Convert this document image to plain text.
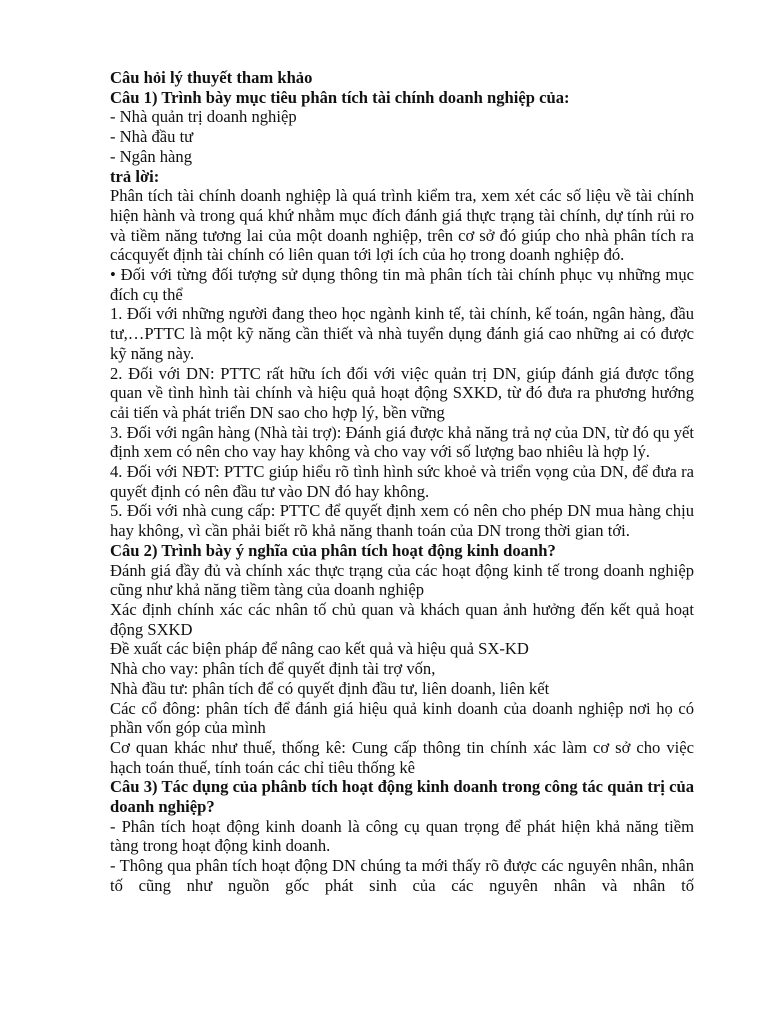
Câu hỏi lý thuyết tham khảo

Câu 1) Trình bày mục tiêu phân tích tài chính doanh nghiệp của:

- Nhà quản trị doanh nghiệp

- Nhà đầu tư

- Ngân hàng

trả lời:

Phân tích tài chính doanh nghiệp là quá trình kiểm tra, xem xét các số liệu về tài chính hiện hành và trong quá khứ nhằm mục đích đánh giá thực trạng tài chính, dự tính rủi ro và tiềm năng tương lai của một doanh nghiệp, trên cơ sở đó giúp cho nhà phân tích ra cácquyết định tài chính có liên quan tới lợi ích của họ trong doanh nghiệp đó.

• Đối với từng đối tượng sử dụng thông tin mà phân tích tài chính phục vụ những mục đích cụ thể

1. Đối với những người đang theo học ngành kinh tế, tài chính, kế toán, ngân hàng, đầu tư,…PTTC là một kỹ năng cần thiết và nhà tuyển dụng đánh giá cao những ai có được kỹ năng này.

2. Đối với DN: PTTC rất hữu ích đối với việc quản trị DN, giúp đánh giá được tổng quan về tình hình tài chính và hiệu quả hoạt động SXKD, từ đó đưa ra phương hướng cải tiến và phát triển DN sao cho hợp lý, bền vững

3. Đối với ngân hàng (Nhà tài trợ): Đánh giá được khả năng trả nợ của DN, từ đó qu yết định xem có nên cho vay hay không và cho vay với số lượng bao nhiêu là hợp lý.

4. Đối với NĐT: PTTC giúp hiểu rõ tình hình sức khoẻ và triển vọng của DN, để đưa ra quyết định có nên đầu tư vào DN đó hay không.

5. Đối với nhà cung cấp: PTTC để quyết định xem có nên cho phép DN mua hàng chịu hay không, vì cần phải biết rõ khả năng thanh toán của DN trong thời gian tới.

Câu 2) Trình bày ý nghĩa của phân tích hoạt động kinh doanh?

Đánh giá đầy đủ và chính xác thực trạng của các hoạt động kinh tế trong doanh nghiệp cũng như khả năng tiềm tàng của doanh nghiệp

Xác định chính xác các nhân tố chủ quan và khách quan ảnh hưởng đến kết quả hoạt động SXKD

Đề xuất các biện pháp để nâng cao kết quả và hiệu quả SX-KD

Nhà cho vay: phân tích để quyết định tài trợ vốn,

Nhà đầu tư: phân tích để có quyết định đầu tư, liên doanh, liên kết

Các cổ đông: phân tích để đánh giá hiệu quả kinh doanh của doanh nghiệp nơi họ có phần vốn góp của mình

Cơ quan khác như thuế, thống kê: Cung cấp thông tin chính xác làm cơ sở cho việc hạch toán thuế, tính toán các chỉ tiêu thống kê

Câu 3) Tác dụng của phânb tích hoạt động kinh doanh trong công tác quản trị của doanh nghiệp?

- Phân tích hoạt động kinh doanh là công cụ quan trọng để phát hiện khả năng tiềm tàng trong hoạt động kinh doanh.

- Thông qua phân tích hoạt động DN chúng ta mới thấy rõ được các nguyên nhân, nhân tố cũng như nguồn gốc phát sinh của các nguyên nhân và nhân tố
